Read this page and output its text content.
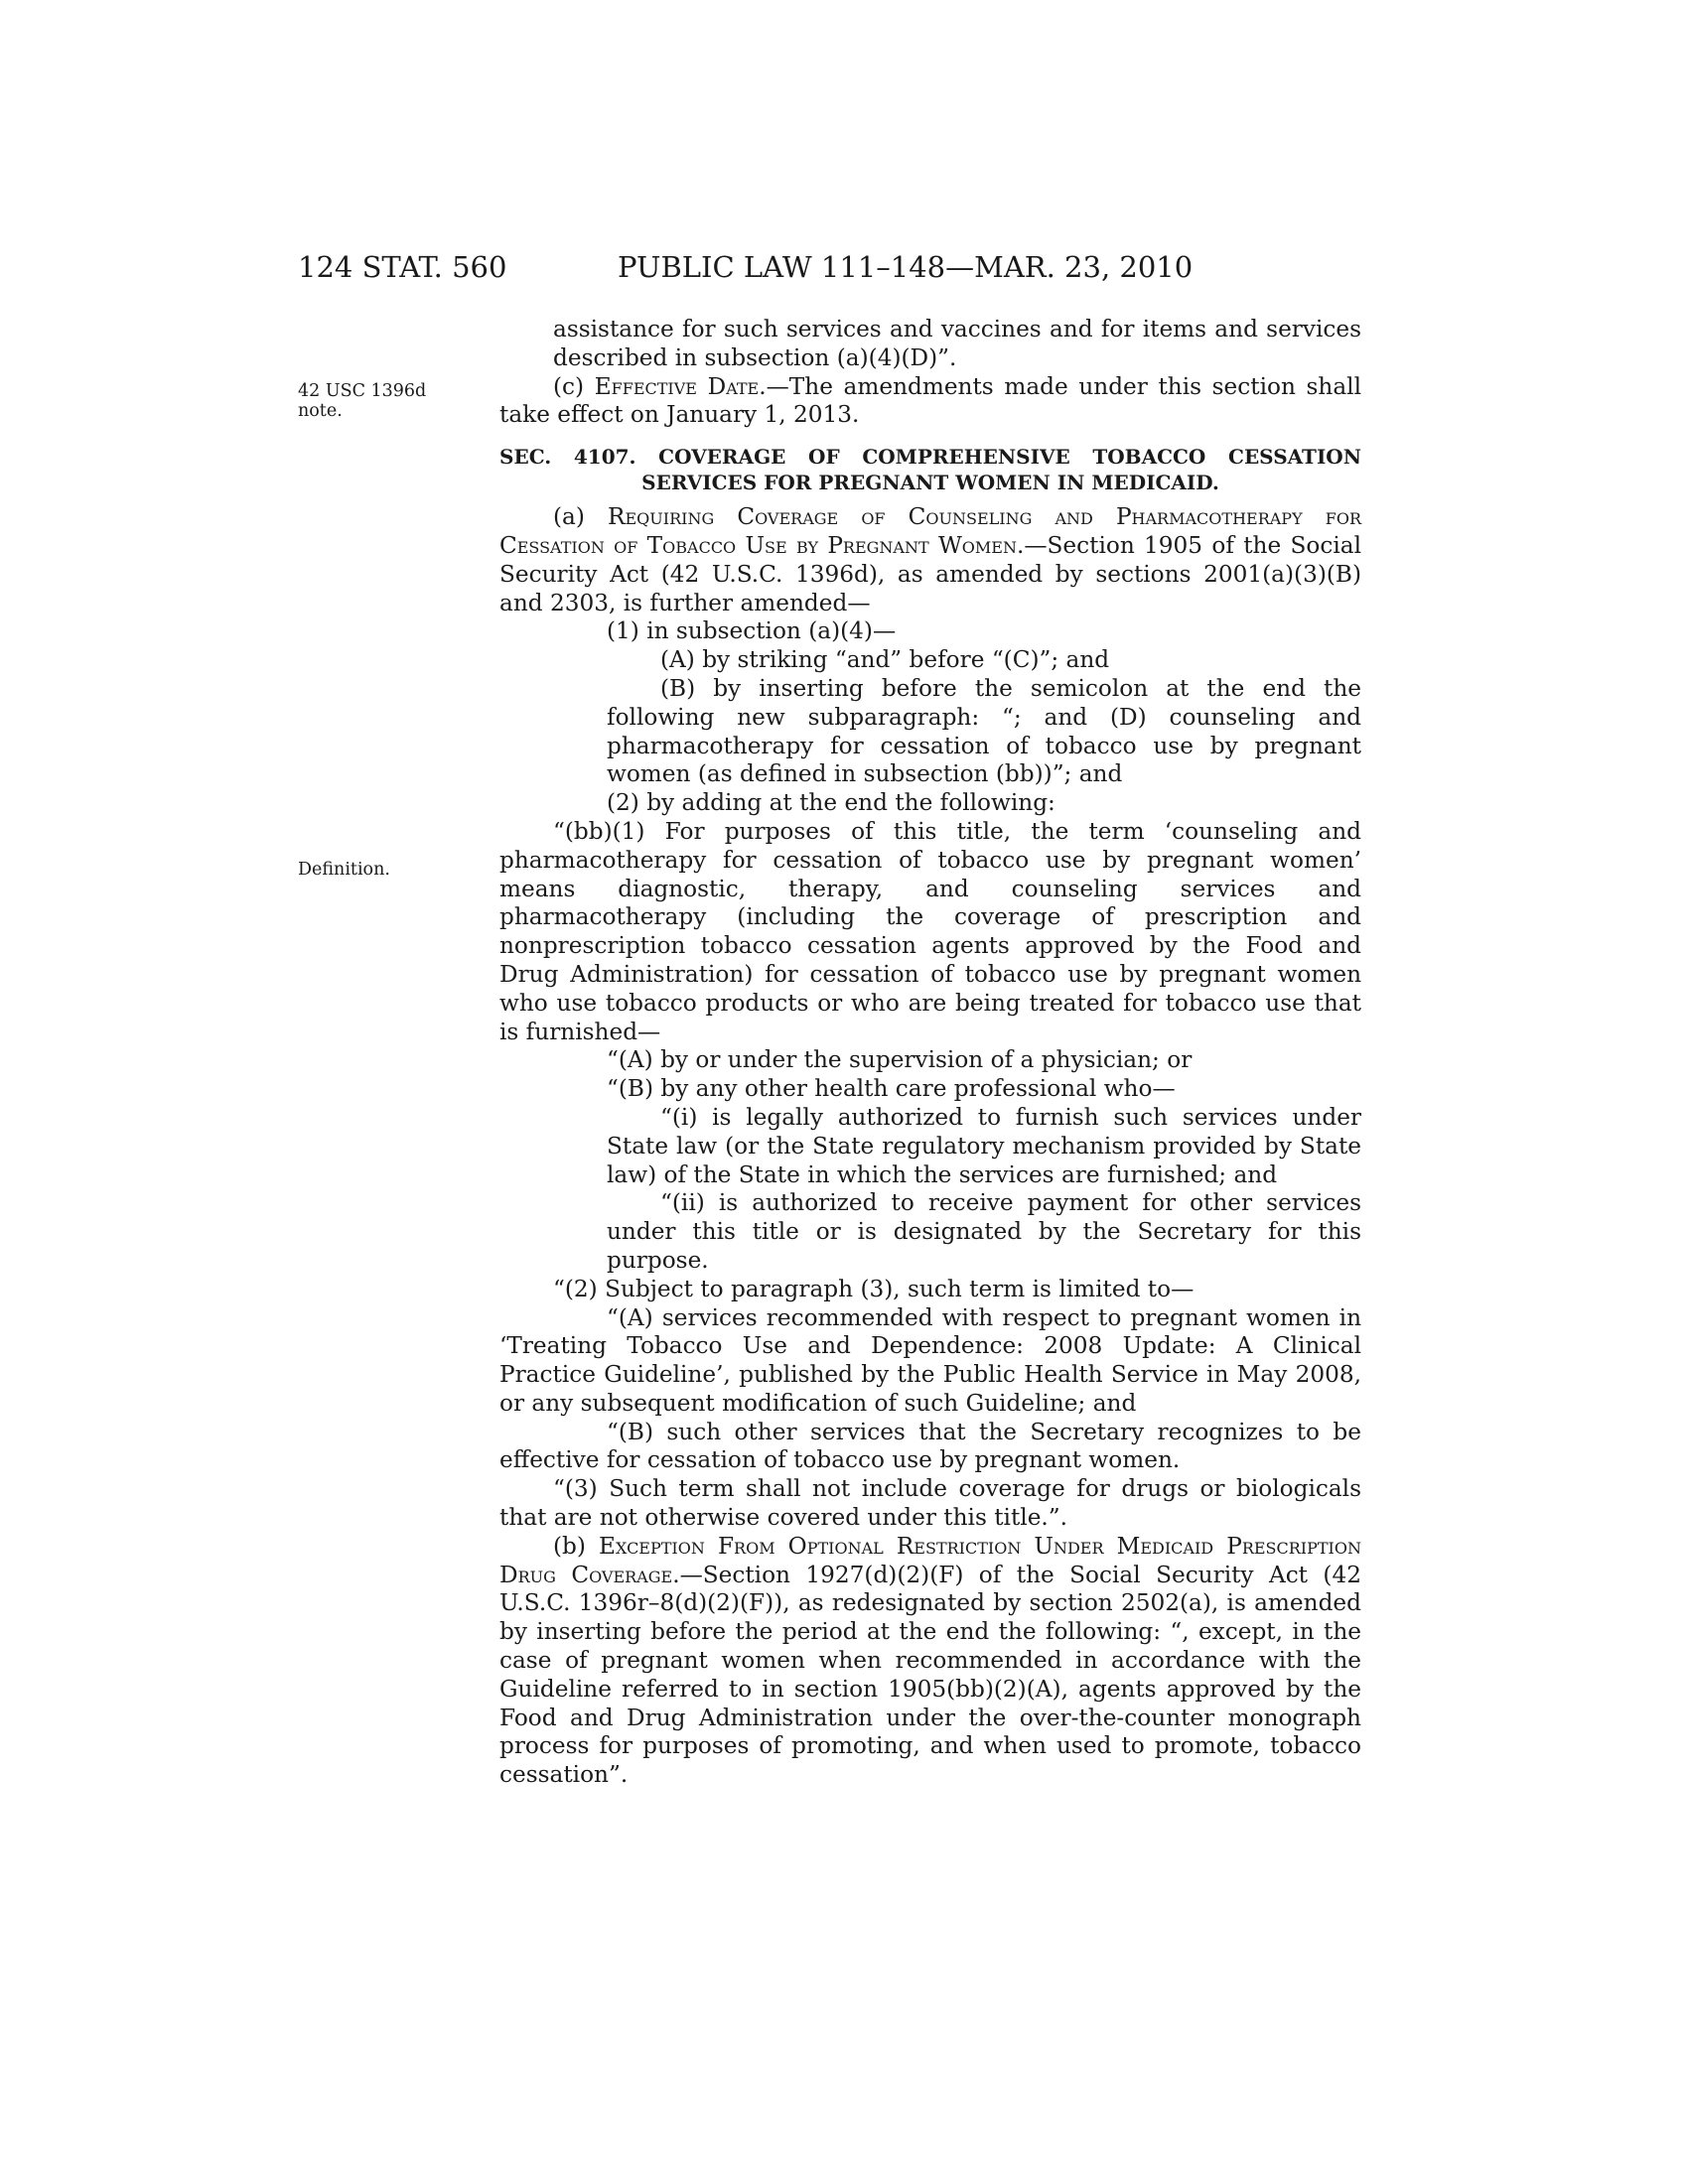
124 STAT. 560	PUBLIC LAW 111–148—MAR. 23, 2010
42 USC 1396d
note.
Definition.

assistance for such services and vaccines and for items and services described in subsection (a)(4)(D)”.

(c) Effective Date.—The amendments made under this section shall take effect on January 1, 2013.

SEC. 4107. COVERAGE OF COMPREHENSIVE TOBACCO CESSATION
SERVICES FOR PREGNANT WOMEN IN MEDICAID.

(a) Requiring Coverage of Counseling and Pharmacotherapy for Cessation of Tobacco Use by Pregnant Women.—Section 1905 of the Social Security Act (42 U.S.C. 1396d), as amended by sections 2001(a)(3)(B) and 2303, is further amended—

(1) in subsection (a)(4)—

(A) by striking “and” before “(C)”; and

(B) by inserting before the semicolon at the end the following new subparagraph: “; and (D) counseling and pharmacotherapy for cessation of tobacco use by pregnant women (as defined in subsection (bb))”; and

(2) by adding at the end the following:

“(bb)(1) For purposes of this title, the term ‘counseling and pharmacotherapy for cessation of tobacco use by pregnant women’ means diagnostic, therapy, and counseling services and pharmacotherapy (including the coverage of prescription and nonprescription tobacco cessation agents approved by the Food and Drug Administration) for cessation of tobacco use by pregnant women who use tobacco products or who are being treated for tobacco use that is furnished—

“(A) by or under the supervision of a physician; or

“(B) by any other health care professional who—

“(i) is legally authorized to furnish such services under State law (or the State regulatory mechanism provided by State law) of the State in which the services are furnished; and

“(ii) is authorized to receive payment for other services under this title or is designated by the Secretary for this purpose.

“(2) Subject to paragraph (3), such term is limited to—

“(A) services recommended with respect to pregnant women in ‘Treating Tobacco Use and Dependence: 2008 Update: A Clinical Practice Guideline’, published by the Public Health Service in May 2008, or any subsequent modification of such Guideline; and

“(B) such other services that the Secretary recognizes to be effective for cessation of tobacco use by pregnant women.

“(3) Such term shall not include coverage for drugs or biologicals that are not otherwise covered under this title.”.

(b) Exception From Optional Restriction Under Medicaid Prescription Drug Coverage.—Section 1927(d)(2)(F) of the Social Security Act (42 U.S.C. 1396r–8(d)(2)(F)), as redesignated by section 2502(a), is amended by inserting before the period at the end the following: “, except, in the case of pregnant women when recommended in accordance with the Guideline referred to in section 1905(bb)(2)(A), agents approved by the Food and Drug Administration under the over-the-counter monograph process for purposes of promoting, and when used to promote, tobacco cessation”.
